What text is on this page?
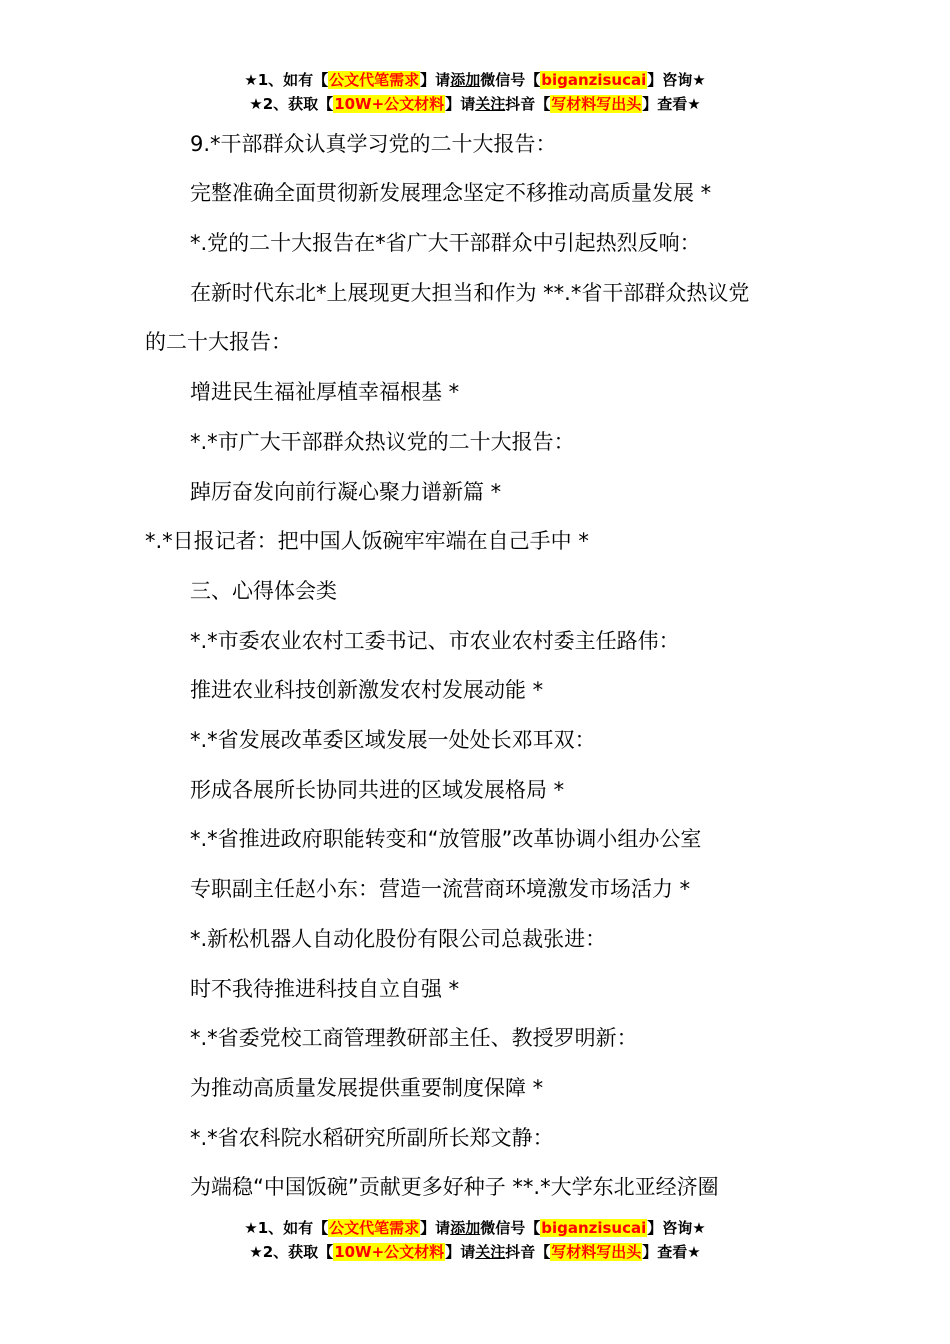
★1、如有【公文代笔需求】请添加微信号【biganzisucai】咨询★
★2、获取【10W+公文材料】请关注抖音【写材料写出头】查看★
9.*干部群众认真学习党的二十大报告：
完整准确全面贯彻新发展理念坚定不移推动高质量发展 *
*.党的二十大报告在*省广大干部群众中引起热烈反响：
在新时代东北*上展现更大担当和作为 **.*省干部群众热议党
的二十大报告：
增进民生福祉厚植幸福根基 *
*.*市广大干部群众热议党的二十大报告：
踔厉奋发向前行凝心聚力谱新篇 *
*.*日报记者：把中国人饭碗牢牢端在自己手中 *
三、心得体会类
*.*市委农业农村工委书记、市农业农村委主任路伟：
推进农业科技创新激发农村发展动能 *
*.*省发展改革委区域发展一处处长邓耳双：
形成各展所长协同共进的区域发展格局 *
*.*省推进政府职能转变和“放管服”改革协调小组办公室
专职副主任赵小东：营造一流营商环境激发市场活力 *
*.新松机器人自动化股份有限公司总裁张进：
时不我待推进科技自立自强 *
*.*省委党校工商管理教研部主任、教授罗明新：
为推动高质量发展提供重要制度保障 *
*.*省农科院水稻研究所副所长郑文静：
为端稳“中国饭碗”贡献更多好种子 **.*大学东北亚经济圈
★1、如有【公文代笔需求】请添加微信号【biganzisucai】咨询★
★2、获取【10W+公文材料】请关注抖音【写材料写出头】查看★
